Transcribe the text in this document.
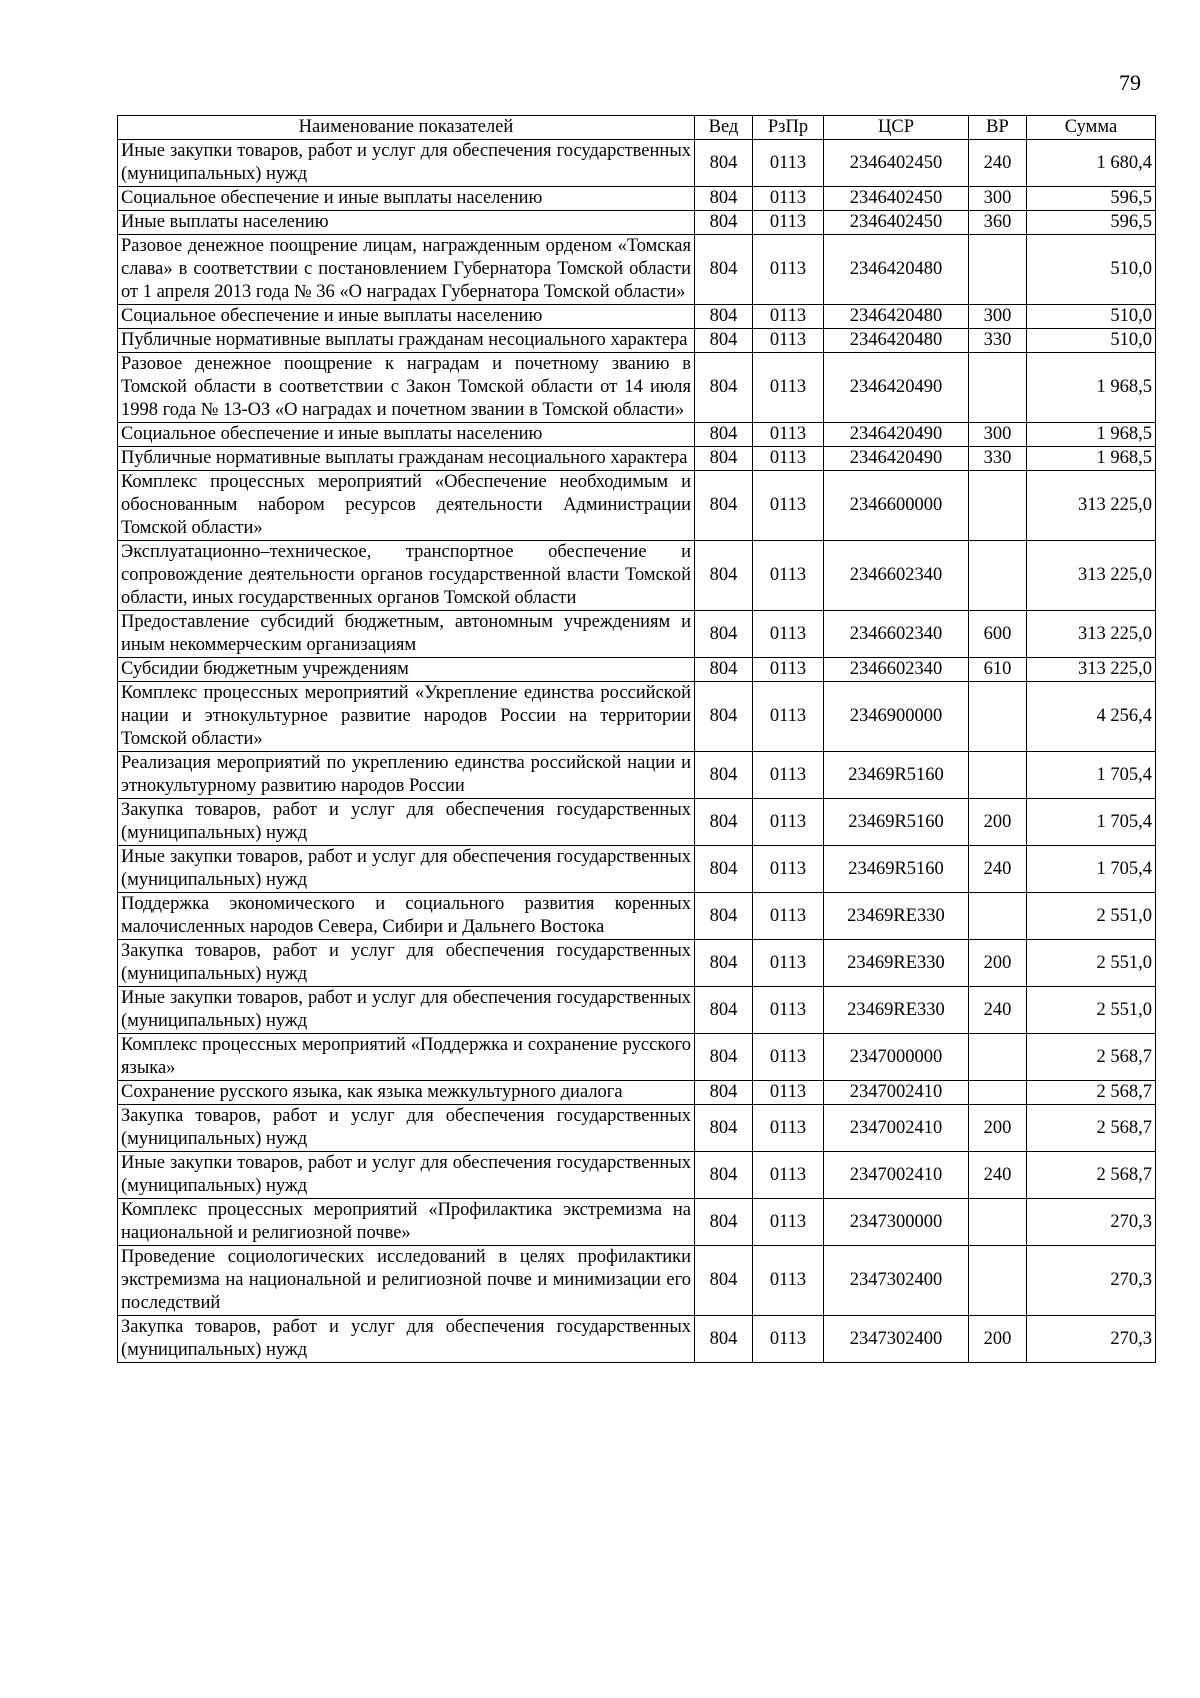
79
Наименование показателей	Вед	РзПр	ЦСР	ВР	Сумма
Иные закупки товаров, работ и услуг для обеспечения государственных (муниципальных) нужд	804	0113	2346402450	240	1 680,4
Социальное обеспечение и иные выплаты населению	804	0113	2346402450	300	596,5
Иные выплаты населению	804	0113	2346402450	360	596,5
Разовое денежное поощрение лицам, награжденным орденом «Томская слава» в соответствии с постановлением Губернатора Томской области от 1 апреля 2013 года № 36 «О наградах Губернатора Томской области»	804	0113	2346420480		510,0
Социальное обеспечение и иные выплаты населению	804	0113	2346420480	300	510,0
Публичные нормативные выплаты гражданам несоциального характера	804	0113	2346420480	330	510,0
Разовое денежное поощрение к наградам и почетному званию в Томской области в соответствии с Закон Томской области от 14 июля 1998 года № 13-ОЗ «О наградах и почетном звании в Томской области»	804	0113	2346420490		1 968,5
Социальное обеспечение и иные выплаты населению	804	0113	2346420490	300	1 968,5
Публичные нормативные выплаты гражданам несоциального характера	804	0113	2346420490	330	1 968,5
Комплекс процессных мероприятий «Обеспечение необходимым и обоснованным набором ресурсов деятельности Администрации Томской области»	804	0113	2346600000		313 225,0
Эксплуатационно–техническое, транспортное обеспечение и сопровождение деятельности органов государственной власти Томской области, иных государственных органов Томской области	804	0113	2346602340		313 225,0
Предоставление субсидий бюджетным, автономным учреждениям и иным некоммерческим организациям	804	0113	2346602340	600	313 225,0
Субсидии бюджетным учреждениям	804	0113	2346602340	610	313 225,0
Комплекс процессных мероприятий «Укрепление единства российской нации и этнокультурное развитие народов России на территории Томской области»	804	0113	2346900000		4 256,4
Реализация мероприятий по укреплению единства российской нации и этнокультурному развитию народов России	804	0113	23469R5160		1 705,4
Закупка товаров, работ и услуг для обеспечения государственных (муниципальных) нужд	804	0113	23469R5160	200	1 705,4
Иные закупки товаров, работ и услуг для обеспечения государственных (муниципальных) нужд	804	0113	23469R5160	240	1 705,4
Поддержка экономического и социального развития коренных малочисленных народов Севера, Сибири и Дальнего Востока	804	0113	23469RE330		2 551,0
Закупка товаров, работ и услуг для обеспечения государственных (муниципальных) нужд	804	0113	23469RE330	200	2 551,0
Иные закупки товаров, работ и услуг для обеспечения государственных (муниципальных) нужд	804	0113	23469RE330	240	2 551,0
Комплекс процессных мероприятий «Поддержка и сохранение русского языка»	804	0113	2347000000		2 568,7
Сохранение русского языка, как языка межкультурного диалога	804	0113	2347002410		2 568,7
Закупка товаров, работ и услуг для обеспечения государственных (муниципальных) нужд	804	0113	2347002410	200	2 568,7
Иные закупки товаров, работ и услуг для обеспечения государственных (муниципальных) нужд	804	0113	2347002410	240	2 568,7
Комплекс процессных мероприятий «Профилактика экстремизма на национальной и религиозной почве»	804	0113	2347300000		270,3
Проведение социологических исследований в целях профилактики экстремизма на национальной и религиозной почве и минимизации его последствий	804	0113	2347302400		270,3
Закупка товаров, работ и услуг для обеспечения государственных (муниципальных) нужд	804	0113	2347302400	200	270,3
